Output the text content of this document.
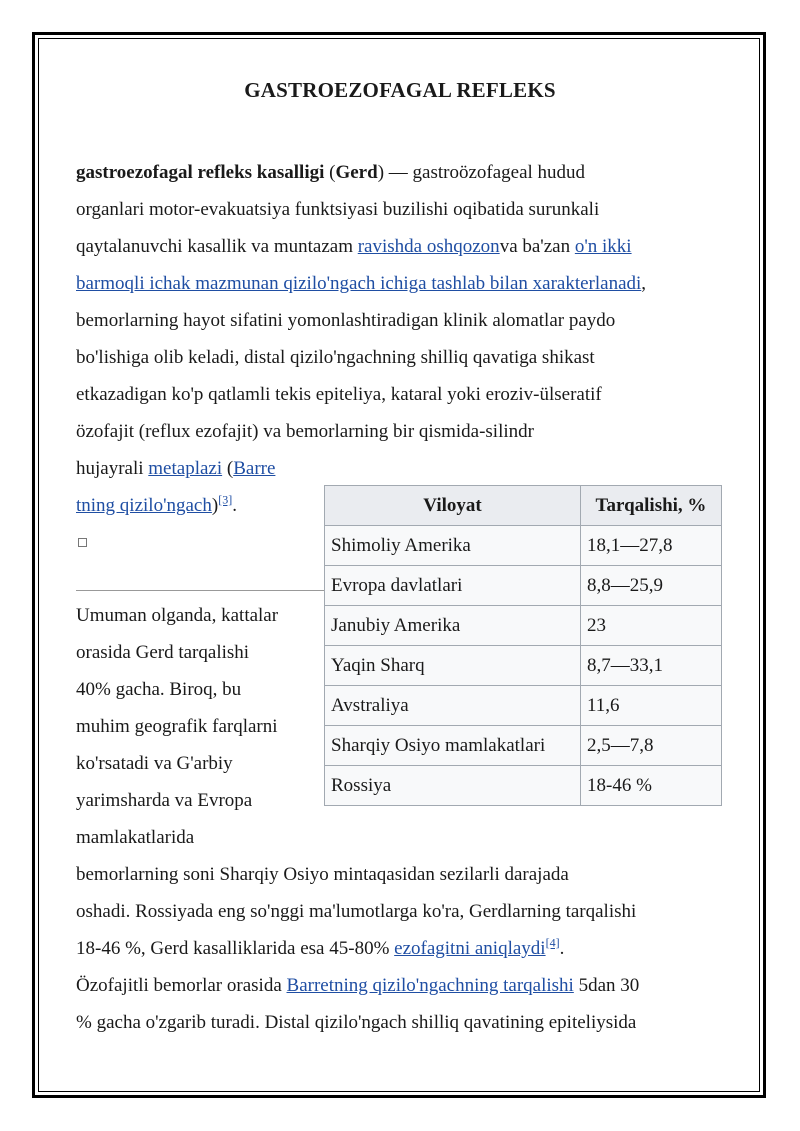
GASTROEZOFAGAL REFLEKS
gastroezofagal refleks kasalligi (Gerd) — gastroözofageal hudud
organlari motor-evakuatsiya funktsiyasi buzilishi oqibatida surunkali
qaytalanuvchi kasallik va muntazam ravishda oshqozonva ba'zan o'n ikki
barmoqli ichak mazmunan qizilo'ngach ichiga tashlab bilan xarakterlanadi,
bemorlarning hayot sifatini yomonlashtiradigan klinik alomatlar paydo
bo'lishiga olib keladi, distal qizilo'ngachning shilliq qavatiga shikast
etkazadigan ko'p qatlamli tekis epiteliya, kataral yoki eroziv-ülseratif
özofajit (reflux ezofajit) va bemorlarning bir qismida-silindr
hujayrali metaplazi (Barre
tning qizilo'ngach)[3].	Viloyat	Tarqalishi, %
Shimoliy Amerika	18,1—27,8
Evropa davlatlari	8,8—25,9
Janubiy Amerika	23
Yaqin Sharq	8,7—33,1
Avstraliya	11,6
Sharqiy Osiyo mamlakatlari	2,5—7,8
Rossiya	18-46 %
Umuman olganda, kattalar
orasida Gerd tarqalishi
40% gacha. Biroq, bu
muhim geografik farqlarni
ko'rsatadi va G'arbiy
yarimsharda va Evropa
mamlakatlarida
bemorlarning soni Sharqiy Osiyo mintaqasidan sezilarli darajada
oshadi. Rossiyada eng so'nggi ma'lumotlarga ko'ra, Gerdlarning tarqalishi
18-46 %, Gerd kasalliklarida esa 45-80% ezofagitni aniqlaydi[4].
Özofajitli bemorlar orasida Barretning qizilo'ngachning tarqalishi 5dan 30
% gacha o'zgarib turadi. Distal qizilo'ngach shilliq qavatining epiteliysida
